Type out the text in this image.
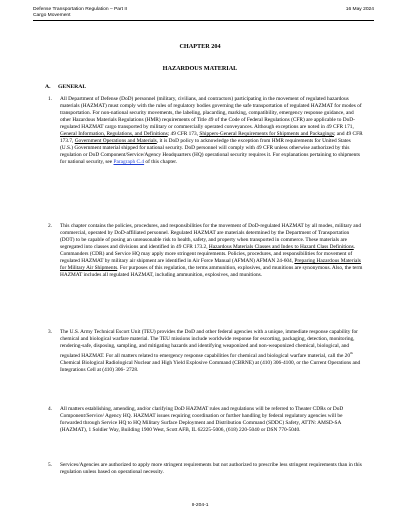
Defense Transportation Regulation – Part II
Cargo Movement
16 May 2024
CHAPTER 204
HAZARDOUS MATERIAL
A. GENERAL
1. All Department of Defense (DoD) personnel (military, civilians, and contractors) participating in the movement of regulated hazardous materials (HAZMAT) must comply with the rules of regulatory bodies governing the safe transportation of regulated HAZMAT for modes of transportation. For non-national security movements, the labeling, placarding, marking, compatibility, emergency response guidance, and other Hazardous Materials Regulations (HMR) requirements of Title 49 of the Code of Federal Regulations (CFR) are applicable to DoD-regulated HAZMAT cargo transported by military or commercially operated conveyances. Although exceptions are noted in 49 CFR 171, General Information, Regulations, and Definitions; 49 CFR 173, Shippers-General Requirements for Shipments and Packagings; and 49 CFR 173.7, Government Operations and Materials, it is DoD policy to acknowledge the exception from HMR requirements for United States (U.S.) Government material shipped for national security. DoD personnel will comply with 49 CFR unless otherwise authorized by this regulation or DoD Component/Service/Agency Headquarters (HQ) operational security requires it. For explanations pertaining to shipments for national security, see Paragraph C.4 of this chapter.

2. This chapter contains the policies, procedures, and responsibilities for the movement of DoD-regulated HAZMAT by all modes, military and commercial, operated by DoD-affiliated personnel. Regulated HAZMAT are materials determined by the Department of Transportation (DOT) to be capable of posing an unreasonable risk to health, safety, and property when transported in commerce. These materials are segregated into classes and divisions and identified in 49 CFR 173.2, Hazardous Materials Classes and Index to Hazard Class Definitions. Commanders (CDR) and Service HQ may apply more stringent requirements. Policies, procedures, and responsibilities for movement of regulated HAZMAT by military air shipment are identified in Air Force Manual (AFMAN) AFMAN 24-604, Preparing Hazardous Materials for Military Air Shipments. For purposes of this regulation, the terms ammunition, explosives, and munitions are synonymous. Also, the term HAZMAT includes all regulated HAZMAT, including ammunition, explosives, and munitions.

3. The U.S. Army Technical Escort Unit (TEU) provides the DoD and other federal agencies with a unique, immediate response capability for chemical and biological warfare material. The TEU missions include worldwide response for escorting, packaging, detection, monitoring, rendering-safe, disposing, sampling, and mitigating hazards and identifying weaponized and non-weaponized chemical, biological, and regulated HAZMAT. For all matters related to emergency response capabilities for chemical and biological warfare material, call the 20th Chemical Biological Radiological Nuclear and High Yield Explosive Command (CBRNE) at (410) 306-4100, or the Current Operations and Integrations Cell at (410) 306- 2728.

4. All matters establishing, amending, and/or clarifying DoD HAZMAT rules and regulations will be referred to Theater CDRs or DoD Component/Service/ Agency HQ. HAZMAT issues requiring coordination or further handling by federal regulatory agencies will be forwarded through Service HQ to HQ Military Surface Deployment and Distribution Command (SDDC) Safety, ATTN: AMSD-SA (HAZMAT), 1 Soldier Way, Building 1900 West, Scott AFB, IL 62225-5006, (618) 220-5040 or DSN 770-5040.

5. Services/Agencies are authorized to apply more stringent requirements but not authorized to prescribe less stringent requirements than in this regulation unless based on operational necessity.

II-204-1
